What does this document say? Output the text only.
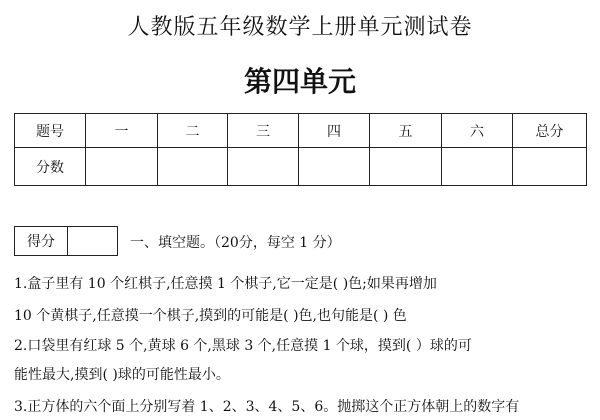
人教版五年级数学上册单元测试卷
第四单元
题号	一	二	三	四	五	六	总分
分数							
得分	一、填空题。（20分，每空 1 分）
1.盒子里有 10 个红棋子,任意摸 1 个棋子,它一定是( )色;如果再增加
10 个黄棋子,任意摸一个棋子,摸到的可能是( )色,也句能是( ) 色
2.口袋里有红球 5 个,黄球 6 个,黑球 3 个,任意摸 1 个球，摸到( ）球的可
能性最大,摸到( )球的可能性最小。
3.正方体的六个面上分别写着 1、2、3、4、5、6。抛掷这个正方体朝上的数字有
